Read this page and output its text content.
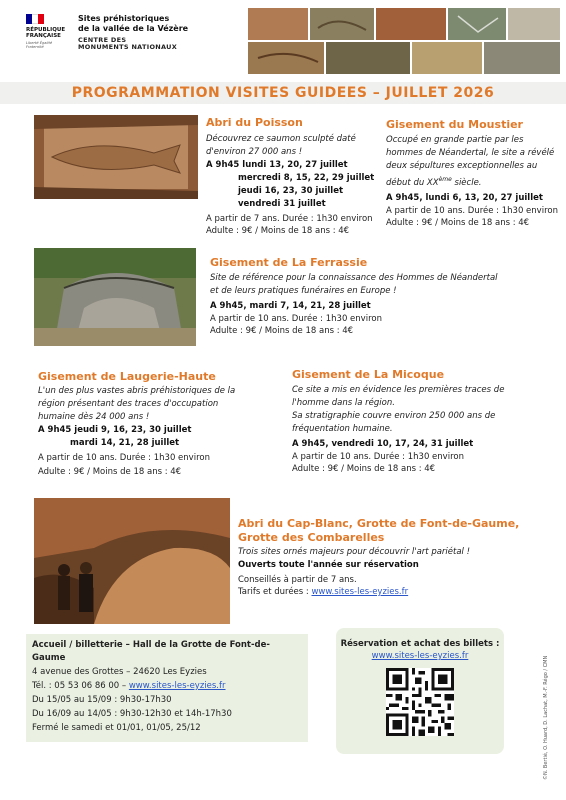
RÉPUBLIQUE
FRANÇAISE
Liberté Égalité Fraternité
Sites préhistoriques
de la vallée de la Vézère
CENTRE DES
MONUMENTS NATIONAUX
PROGRAMMATION VISITES GUIDEES – JUILLET 2026
Abri du Poisson

Découvrez ce saumon sculpté daté

d'environ 27 000 ans !

A 9h45 lundi 13, 20, 27 juillet

mercredi 8, 15, 22, 29 juillet

jeudi 16, 23, 30 juillet

vendredi 31 juillet

A partir de 7 ans. Durée : 1h30 environ

Adulte : 9€ / Moins de 18 ans : 4€

Gisement du Moustier

Occupé en grande partie par les

hommes de Néandertal, le site a révélé

deux sépultures exceptionnelles au

début du XXème siècle.

A 9h45, lundi 6, 13, 20, 27 juillet

A partir de 10 ans. Durée : 1h30 environ

Adulte : 9€ / Moins de 18 ans : 4€

Gisement de La Ferrassie

Site de référence pour la connaissance des Hommes de Néandertal

et de leurs pratiques funéraires en Europe !

A 9h45, mardi 7, 14, 21, 28 juillet

A partir de 10 ans. Durée : 1h30 environ

Adulte : 9€ / Moins de 18 ans : 4€

Gisement de Laugerie-Haute

L'un des plus vastes abris préhistoriques de la

région présentant des traces d'occupation

humaine dès 24 000 ans !

A 9h45 jeudi 9, 16, 23, 30 juillet

mardi 14, 21, 28 juillet

A partir de 10 ans. Durée : 1h30 environ

Adulte : 9€ / Moins de 18 ans : 4€

Gisement de La Micoque

Ce site a mis en évidence les premières traces de

l'homme dans la région.

Sa stratigraphie couvre environ 250 000 ans de

fréquentation humaine.

A 9h45, vendredi 10, 17, 24, 31 juillet

A partir de 10 ans. Durée : 1h30 environ

Adulte : 9€ / Moins de 18 ans : 4€

Abri du Cap-Blanc, Grotte de Font-de-Gaume,
Grotte des Combarelles

Trois sites ornés majeurs pour découvrir l'art pariétal !

Ouverts toute l'année sur réservation

Conseillés à partir de 7 ans.

Tarifs et durées : www.sites-les-eyzies.fr

Accueil / billetterie – Hall de la Grotte de Font-de-Gaume

4 avenue des Grottes – 24620 Les Eyzies

Tél. : 05 53 06 86 00 – www.sites-les-eyzies.fr

Du 15/05 au 15/09 : 9h30-17h30

Du 16/09 au 14/05 : 9h30-12h30 et 14h-17h30

Fermé le samedi et 01/01, 01/05, 25/12

Réservation et achat des billets :

www.sites-les-eyzies.fr	©N. Bertié, O. Huard, D. Lachat, M.-F. Régo / CMN
